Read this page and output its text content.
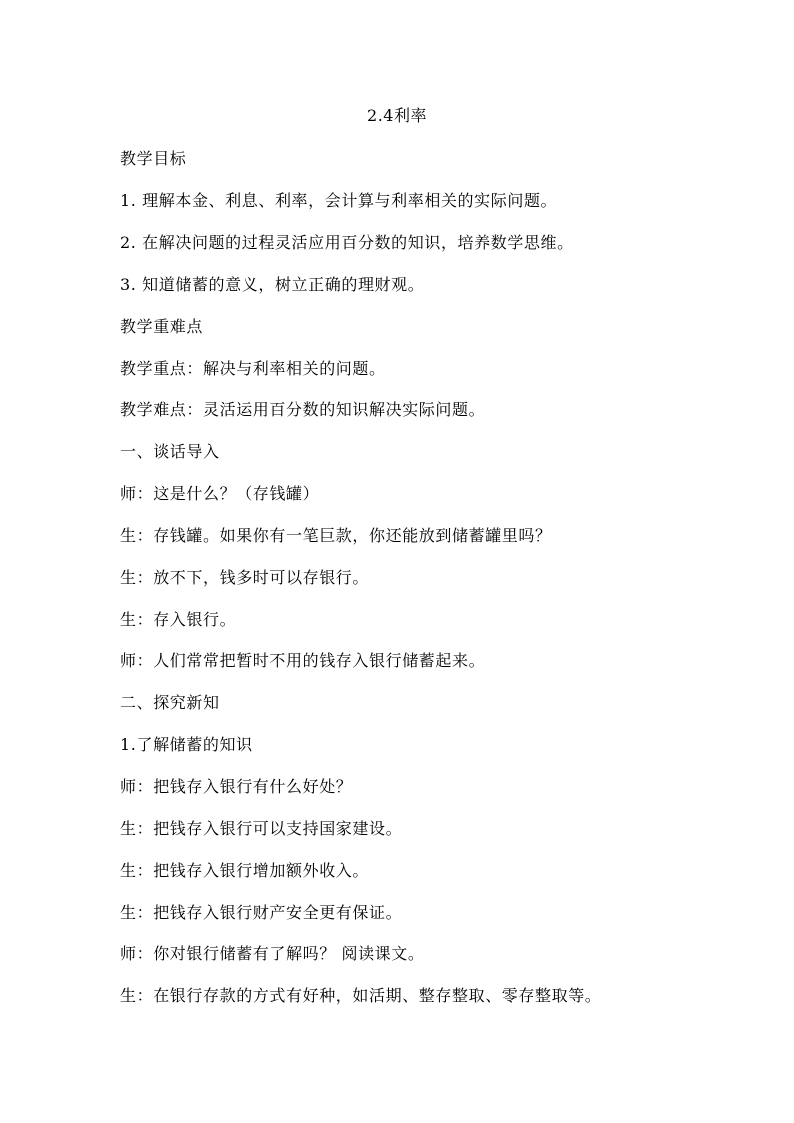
2.4利率
教学目标
1. 理解本金、利息、利率，会计算与利率相关的实际问题。
2. 在解决问题的过程灵活应用百分数的知识，培养数学思维。
3. 知道储蓄的意义，树立正确的理财观。
教学重难点
教学重点：解决与利率相关的问题。
教学难点：灵活运用百分数的知识解决实际问题。
一、谈话导入
师：这是什么？（存钱罐）
生：存钱罐。如果你有一笔巨款，你还能放到储蓄罐里吗？
生：放不下，钱多时可以存银行。
生：存入银行。
师：人们常常把暂时不用的钱存入银行储蓄起来。
二、探究新知
1.了解储蓄的知识
师：把钱存入银行有什么好处？
生：把钱存入银行可以支持国家建设。
生：把钱存入银行增加额外收入。
生：把钱存入银行财产安全更有保证。
师：你对银行储蓄有了解吗？ 阅读课文。
生：在银行存款的方式有好种，如活期、整存整取、零存整取等。
